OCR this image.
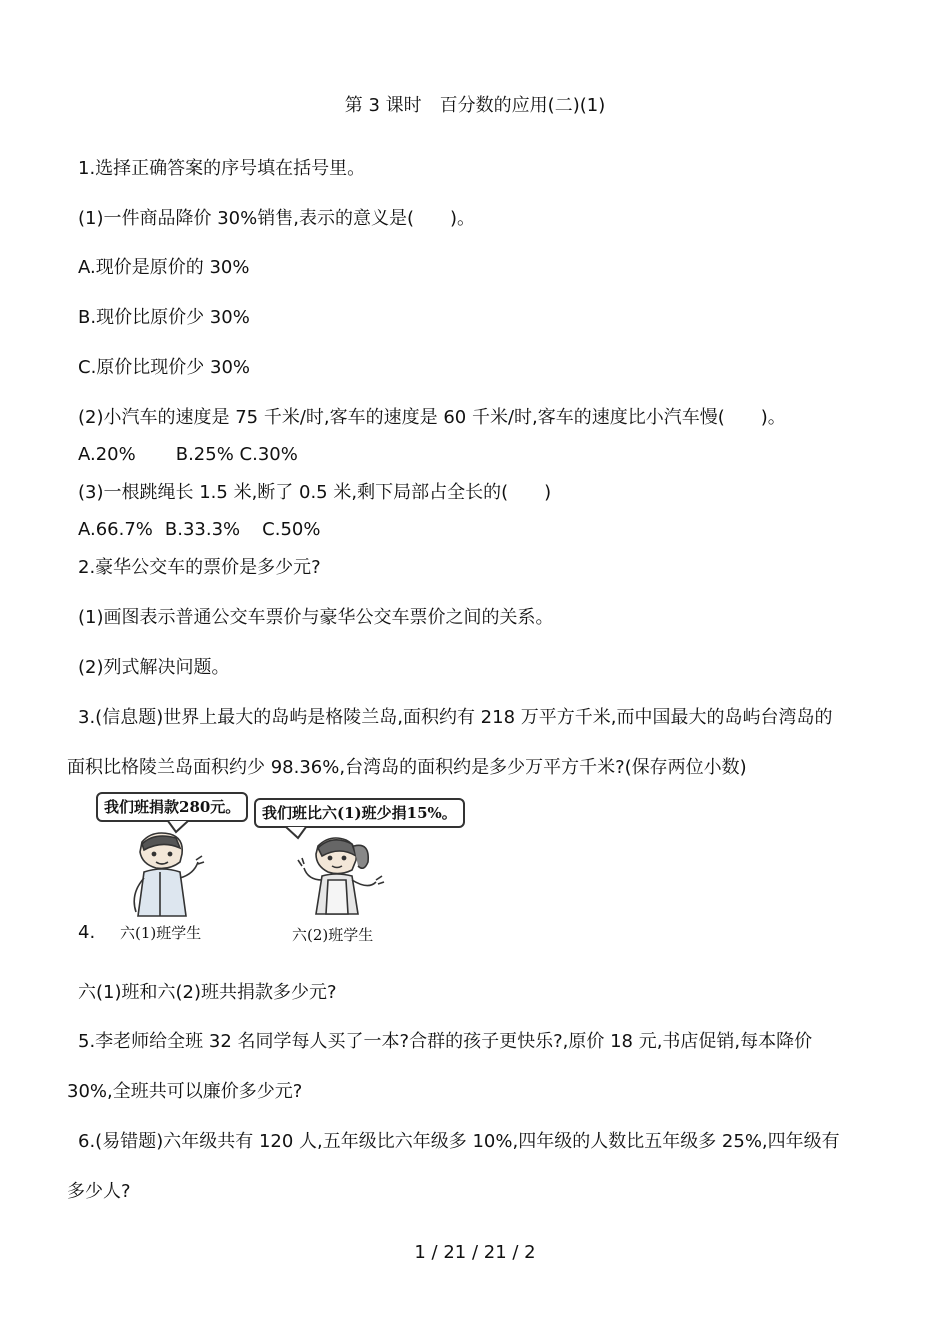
第 3 课时　百分数的应用(二)(1)
1.选择正确答案的序号填在括号里。
(1)一件商品降价 30%销售,表示的意义是(　　)。
A.现价是原价的 30%
B.现价比原价少 30%
C.原价比现价少 30%
(2)小汽车的速度是 75 千米/时,客车的速度是 60 千米/时,客车的速度比小汽车慢(　　)。
A.20% B.25% C.30%
(3)一根跳绳长 1.5 米,断了 0.5 米,剩下局部占全长的(　　)
A.66.7% B.33.3% C.50%
2.豪华公交车的票价是多少元?
(1)画图表示普通公交车票价与豪华公交车票价之间的关系。
(2)列式解决问题。
3.(信息题)世界上最大的岛屿是格陵兰岛,面积约有 218 万平方千米,而中国最大的岛屿台湾岛的
面积比格陵兰岛面积约少 98.36%,台湾岛的面积约是多少万平方千米?(保存两位小数)
我们班捐款280元。	我们班比六(1)班少捐15%。
六(1)班学生	六(2)班学生
4.
六(1)班和六(2)班共捐款多少元?
5.李老师给全班 32 名同学每人买了一本?合群的孩子更快乐?,原价 18 元,书店促销,每本降价
30%,全班共可以廉价多少元?
6.(易错题)六年级共有 120 人,五年级比六年级多 10%,四年级的人数比五年级多 25%,四年级有
多少人?
1 / 21 / 21 / 2
